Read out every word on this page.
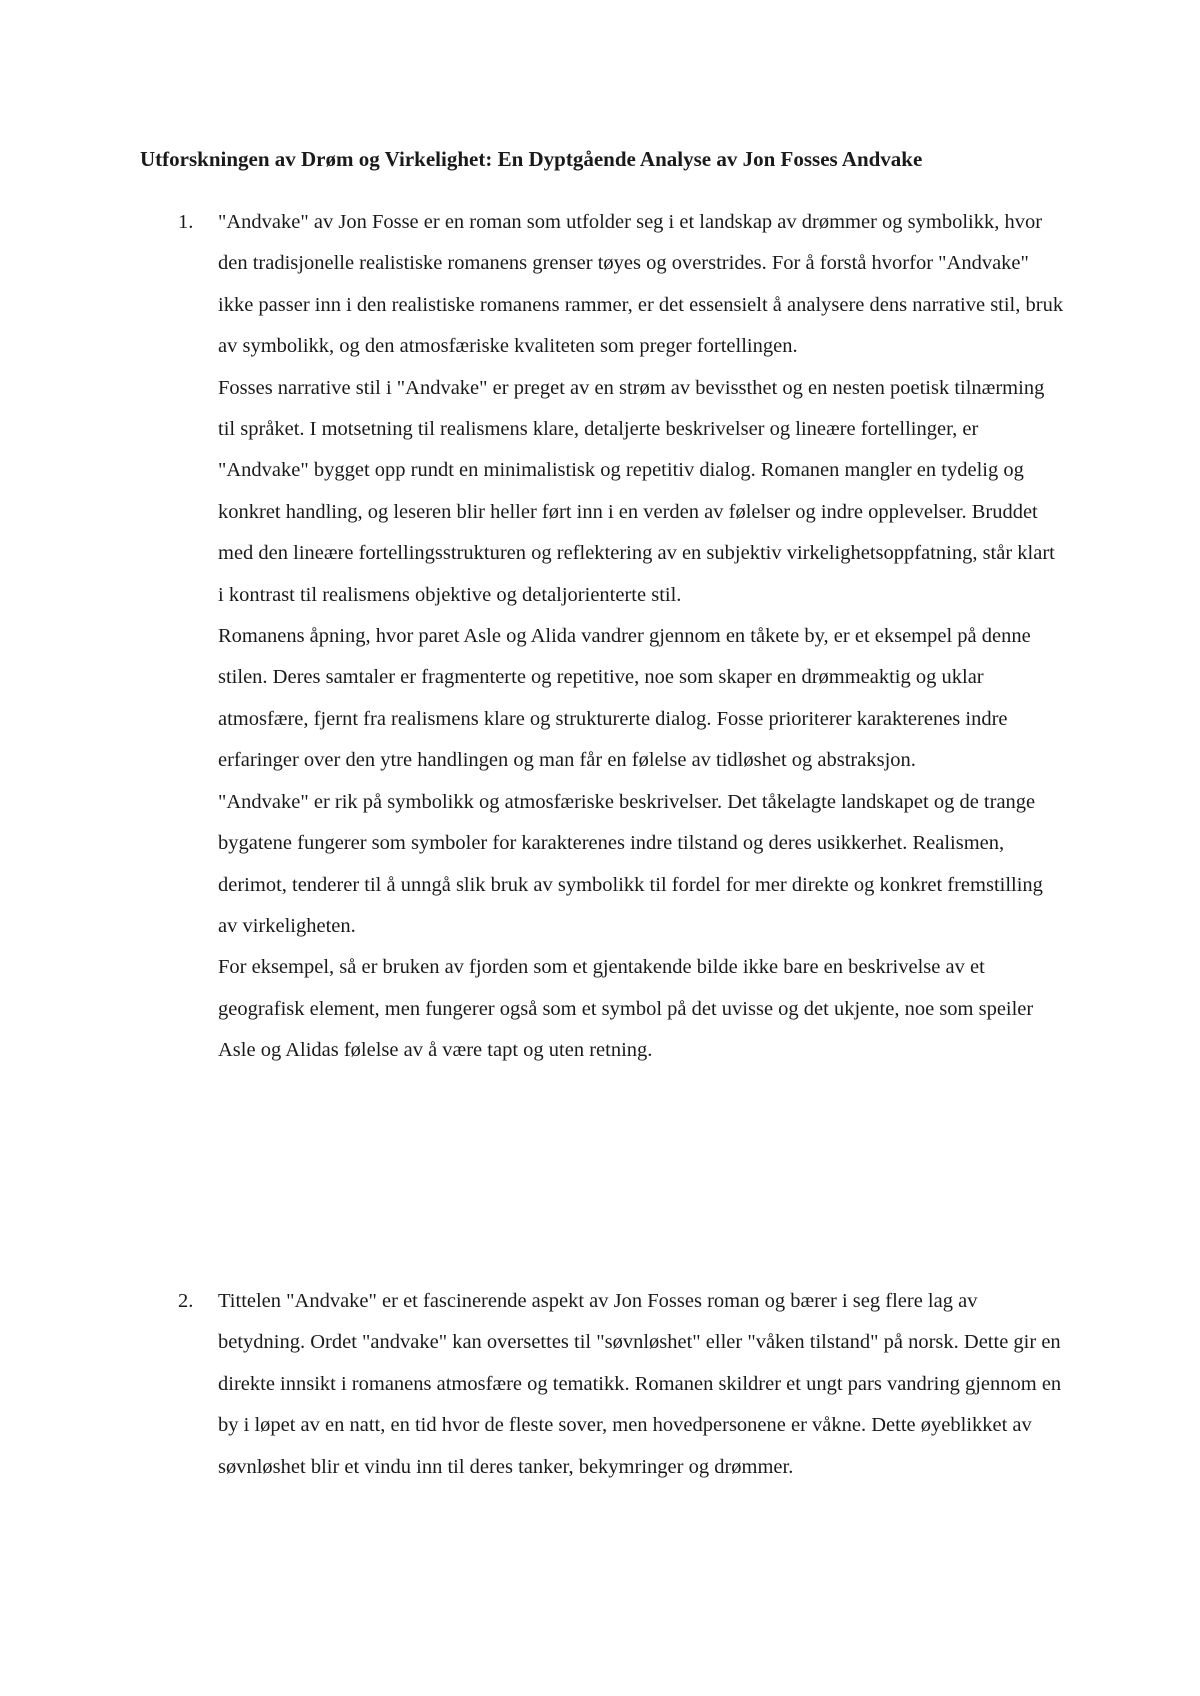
Utforskningen av Drøm og Virkelighet: En Dyptgående Analyse av Jon Fosses Andvake
1. "Andvake" av Jon Fosse er en roman som utfolder seg i et landskap av drømmer og symbolikk, hvor den tradisjonelle realistiske romanens grenser tøyes og overstrides. For å forstå hvorfor "Andvake" ikke passer inn i den realistiske romanens rammer, er det essensielt å analysere dens narrative stil, bruk av symbolikk, og den atmosfæriske kvaliteten som preger fortellingen.

Fosses narrative stil i "Andvake" er preget av en strøm av bevissthet og en nesten poetisk tilnærming til språket. I motsetning til realismens klare, detaljerte beskrivelser og lineære fortellinger, er "Andvake" bygget opp rundt en minimalistisk og repetitiv dialog. Romanen mangler en tydelig og konkret handling, og leseren blir heller ført inn i en verden av følelser og indre opplevelser. Bruddet med den lineære fortellingsstrukturen og reflektering av en subjektiv virkelighetsoppfatning, står klart i kontrast til realismens objektive og detaljorienterte stil.

Romanens åpning, hvor paret Asle og Alida vandrer gjennom en tåkete by, er et eksempel på denne stilen. Deres samtaler er fragmenterte og repetitive, noe som skaper en drømmeaktig og uklar atmosfære, fjernt fra realismens klare og strukturerte dialog. Fosse prioriterer karakterenes indre erfaringer over den ytre handlingen og man får en følelse av tidløshet og abstraksjon.

"Andvake" er rik på symbolikk og atmosfæriske beskrivelser. Det tåkelagte landskapet og de trange bygatene fungerer som symboler for karakterenes indre tilstand og deres usikkerhet. Realismen, derimot, tenderer til å unngå slik bruk av symbolikk til fordel for mer direkte og konkret fremstilling av virkeligheten.

For eksempel, så er bruken av fjorden som et gjentakende bilde ikke bare en beskrivelse av et geografisk element, men fungerer også som et symbol på det uvisse og det ukjente, noe som speiler Asle og Alidas følelse av å være tapt og uten retning.

2. Tittelen "Andvake" er et fascinerende aspekt av Jon Fosses roman og bærer i seg flere lag av betydning. Ordet "andvake" kan oversettes til "søvnløshet" eller "våken tilstand" på norsk. Dette gir en direkte innsikt i romanens atmosfære og tematikk. Romanen skildrer et ungt pars vandring gjennom en by i løpet av en natt, en tid hvor de fleste sover, men hovedpersonene er våkne. Dette øyeblikket av søvnløshet blir et vindu inn til deres tanker, bekymringer og drømmer.
